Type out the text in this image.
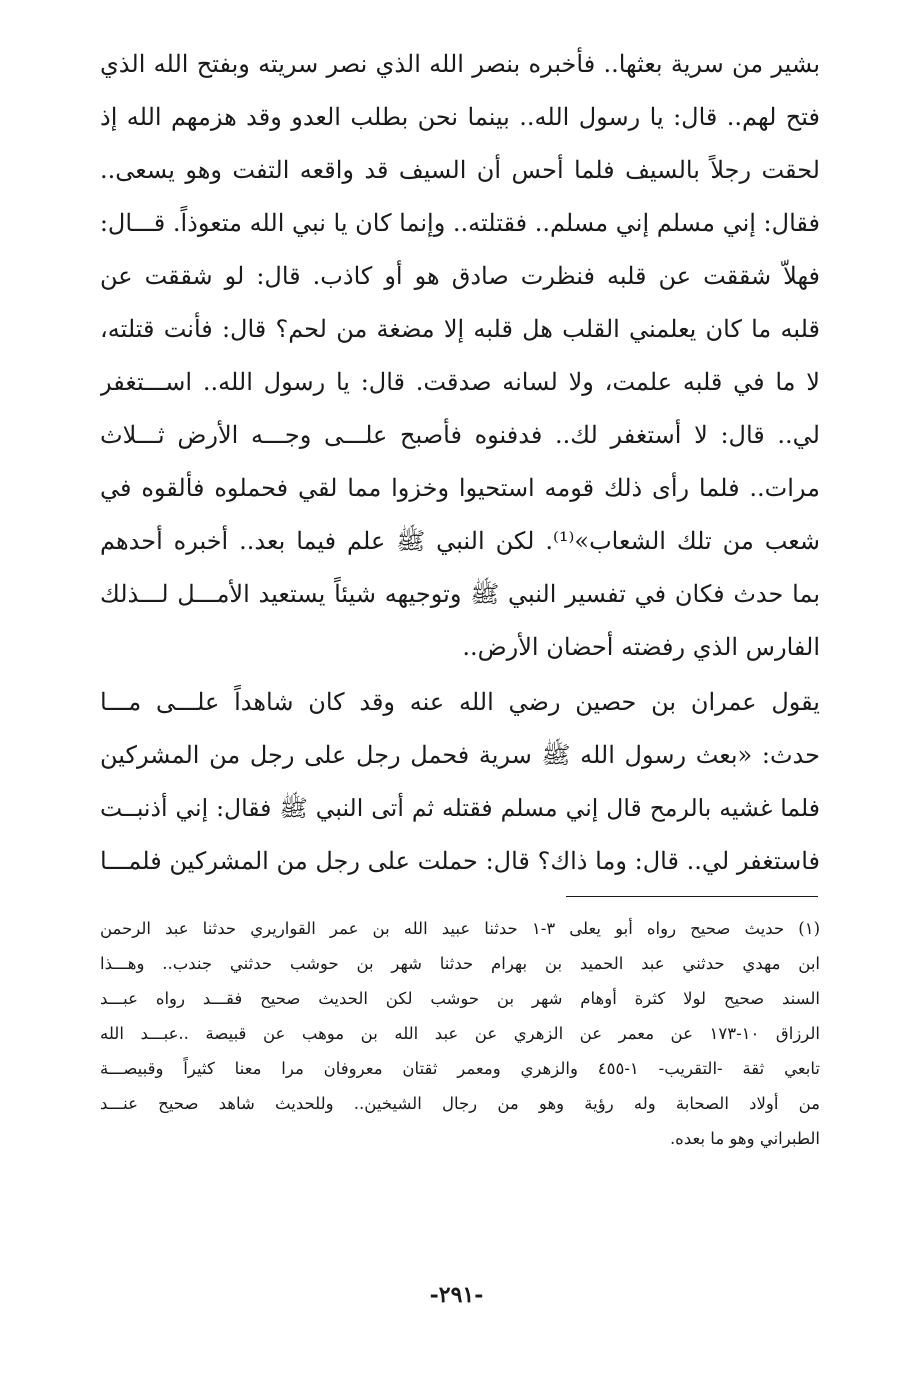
بشير من سرية بعثها.. فأخبره بنصر الله الذي نصر سريته وبفتح الله الذي
فتح لهم.. قال: يا رسول الله.. بينما نحن بطلب العدو وقد هزمهم الله إذ
لحقت رجلاً بالسيف فلما أحس أن السيف قد واقعه التفت وهو يسعى..
فقال: إني مسلم إني مسلم.. فقتلته.. وإنما كان يا نبي الله متعوذاً. قـــال:
فهلاّ شققت عن قلبه فنظرت صادق هو أو كاذب. قال: لو شققت عن
قلبه ما كان يعلمني القلب هل قلبه إلا مضغة من لحم؟ قال: فأنت قتلته،
لا ما في قلبه علمت، ولا لسانه صدقت. قال: يا رسول الله.. اســـتغفر
لي.. قال: لا أستغفر لك.. فدفنوه فأصبح علـــى وجـــه الأرض ثـــلاث
مرات.. فلما رأى ذلك قومه استحيوا وخزوا مما لقي فحملوه فألقوه في
شعب من تلك الشعاب»⁽¹⁾. لكن النبي ﷺ علم فيما بعد.. أخبره أحدهم
بما حدث فكان في تفسير النبي ﷺ وتوجيهه شيئاً يستعيد الأمـــل لـــذلك
الفارس الذي رفضته أحضان الأرض..
يقول عمران بن حصين رضي الله عنه وقد كان شاهداً علـــى مـــا
حدث: «بعث رسول الله ﷺ سرية فحمل رجل على رجل من المشركين
فلما غشيه بالرمح قال إني مسلم فقتله ثم أتى النبي ﷺ فقال: إني أذنبــت
فاستغفر لي.. قال: وما ذاك؟ قال: حملت على رجل من المشركين فلمـــا
(١) حديث صحيح رواه أبو يعلى ٣-١ حدثنا عبيد الله بن عمر القواريري حدثنا عبد الرحمن
ابن مهدي حدثني عبد الحميد بن بهرام حدثنا شهر بن حوشب حدثني جندب.. وهـــذا
السند صحيح لولا كثرة أوهام شهر بن حوشب لكن الحديث صحيح فقـــد رواه عبـــد
الرزاق ١٠-١٧٣ عن معمر عن الزهري عن عبد الله بن موهب عن قبيصة ..عبـــد الله
تابعي ثقة -التقريب- ١-٤٥٥ والزهري ومعمر ثقتان معروفان مرا معنا كثيراً وقبيصـــة
من أولاد الصحابة وله رؤية وهو من رجال الشيخين.. وللحديث شاهد صحيح عنـــد
الطبراني وهو ما بعده.
-٢٩١-
